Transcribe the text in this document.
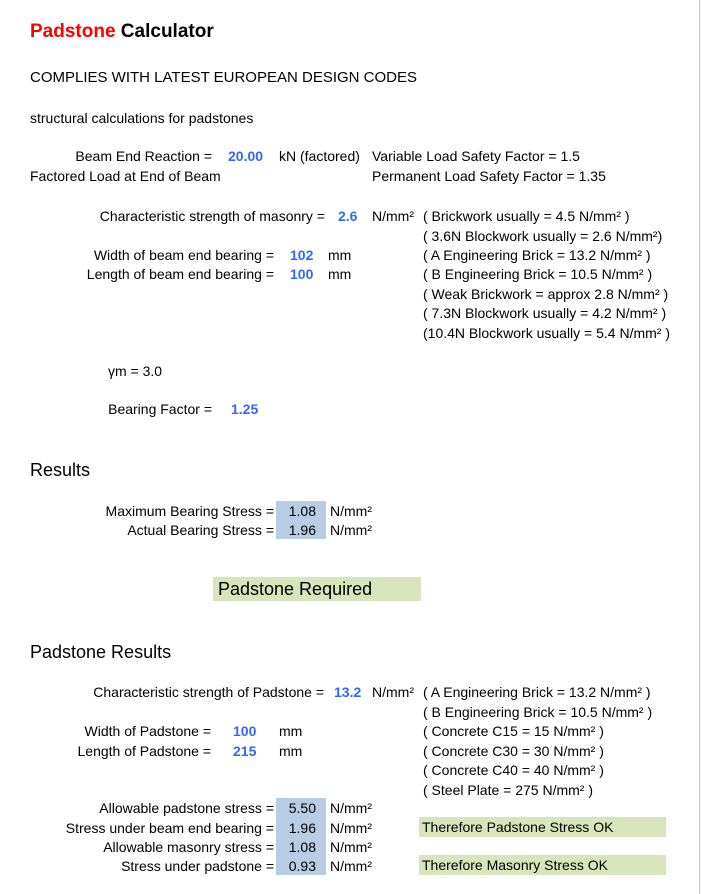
Padstone Calculator
COMPLIES WITH LATEST EUROPEAN DESIGN CODES
structural calculations for padstones
Beam End Reaction = 20.00 kN (factored) Variable Load Safety Factor = 1.5
Factored Load at End of Beam	Permanent Load Safety Factor = 1.35
Characteristic strength of masonry = 2.6 N/mm² ( Brickwork usually = 4.5 N/mm² )
( 3.6N Blockwork usually = 2.6 N/mm²)
( A Engineering Brick = 13.2 N/mm² )
( B Engineering Brick = 10.5 N/mm² )
( Weak Brickwork = approx 2.8 N/mm² )
( 7.3N Blockwork usually = 4.2 N/mm² )
(10.4N Blockwork usually = 5.4 N/mm² )
Width of beam end bearing = 102 mm
Length of beam end bearing = 100 mm
γm = 3.0
Bearing Factor = 1.25
Results
Maximum Bearing Stress = 1.08 N/mm²
Actual Bearing Stress = 1.96 N/mm²
Padstone Required
Padstone Results
Characteristic strength of Padstone = 13.2 N/mm² ( A Engineering Brick = 13.2 N/mm² )
( B Engineering Brick = 10.5 N/mm² )
( Concrete C15 = 15 N/mm² )
( Concrete C30 = 30 N/mm² )
( Concrete C40 = 40 N/mm² )
( Steel Plate = 275 N/mm² )
Width of Padstone = 100 mm
Length of Padstone = 215 mm
Allowable padstone stress = 5.50 N/mm²
Stress under beam end bearing = 1.96 N/mm²
Allowable masonry stress = 1.08 N/mm²
Stress under padstone = 0.93 N/mm²
Therefore Padstone Stress OK
Therefore Masonry Stress OK
